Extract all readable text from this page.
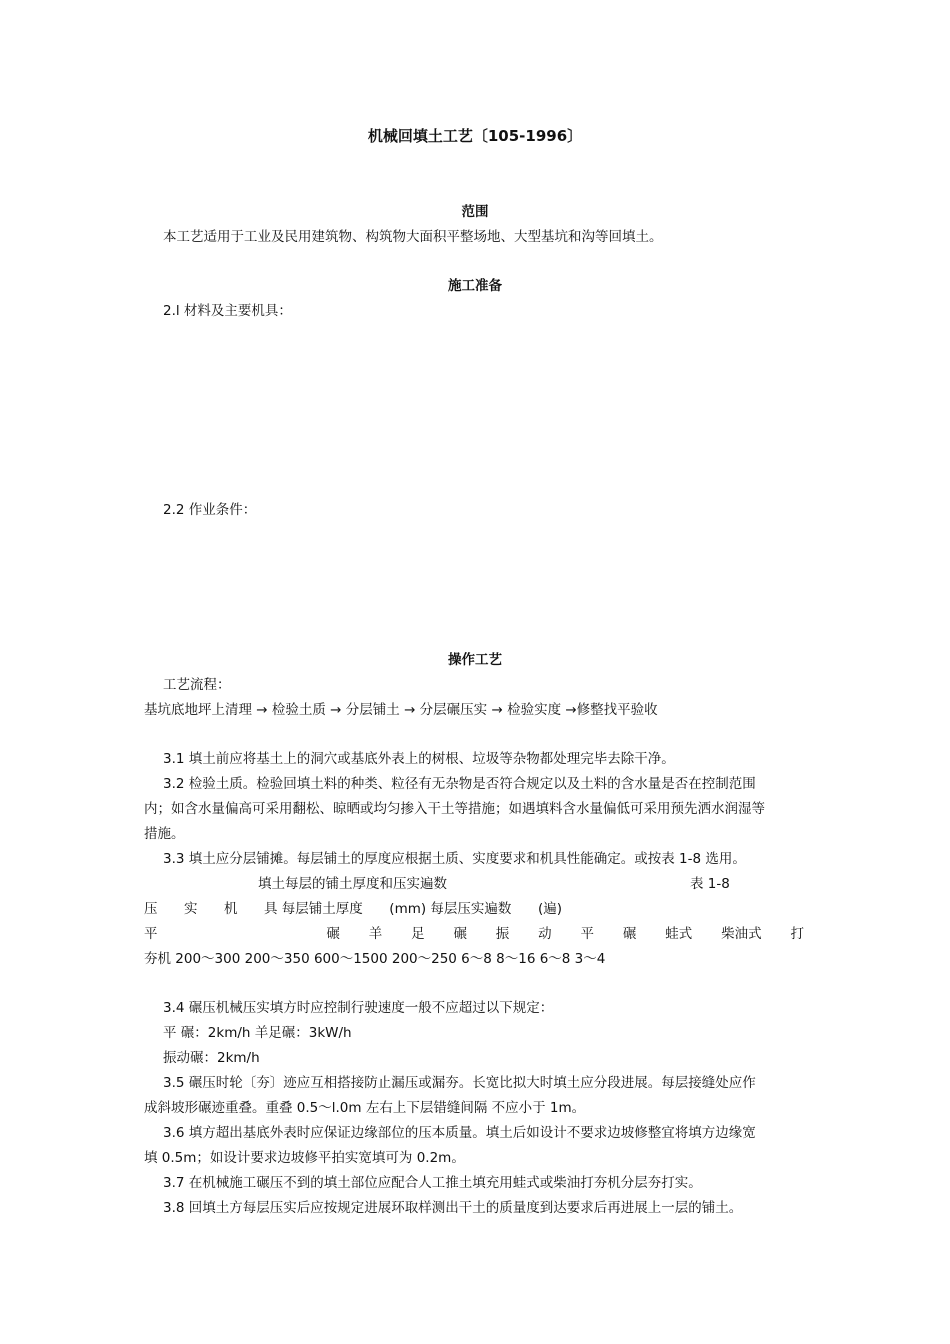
机械回填土工艺〔105-1996〕
范围
本工艺适用于工业及民用建筑物、构筑物大面积平整场地、大型基坑和沟等回填土。
施工准备
2.l 材料及主要机具：
2.2 作业条件：
操作工艺
工艺流程：
基坑底地坪上清理 → 检验土质 → 分层铺土 → 分层碾压实 → 检验实度 →修整找平验收
3.1 填土前应将基土上的洞穴或基底外表上的树根、垃圾等杂物都处理完毕去除干净。
3.2 检验土质。检验回填土料的种类、粒径有无杂物是否符合规定以及土料的含水量是否在控制范围
内；如含水量偏高可采用翻松、晾晒或均匀掺入干土等措施；如遇填料含水量偏低可采用预先洒水润湿等
措施。
3.3 填土应分层铺摊。每层铺土的厚度应根据土质、实度要求和机具性能确定。或按表 1-8 选用。
填土每层的铺土厚度和压实遍数	表 1-8
压 实 机 具 每层铺土厚度 (mm) 每层压实遍数 (遍)
平	碾 羊 足 碾 振 动 平 碾 蛙式 柴油式 打
夯机 200～300 200～350 600～1500 200～250 6～8 8～16 6～8 3～4
3.4 碾压机械压实填方时应控制行驶速度一般不应超过以下规定：
平 碾：2km/h 羊足碾：3kW/h
振动碾：2km/h
3.5 碾压时轮〔夯〕迹应互相搭接防止漏压或漏夯。长宽比拟大时填土应分段进展。每层接缝处应作
成斜坡形碾迹重叠。重叠 0.5～l.0m 左右上下层错缝间隔 不应小于 1m。
3.6 填方超出基底外表时应保证边缘部位的压本质量。填土后如设计不要求边坡修整宜将填方边缘宽
填 0.5m；如设计要求边坡修平拍实宽填可为 0.2m。
3.7 在机械施工碾压不到的填土部位应配合人工推土填充用蛙式或柴油打夯机分层夯打实。
3.8 回填土方每层压实后应按规定进展环取样测出干土的质量度到达要求后再进展上一层的铺土。
